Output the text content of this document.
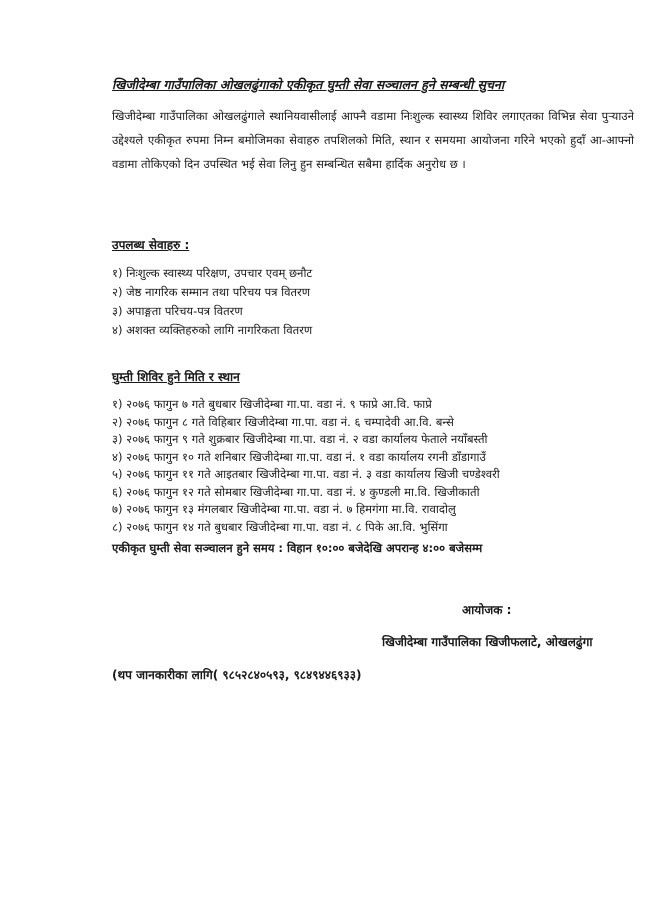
खिजीदेम्बा गाउँपालिका ओखलढुंगाको एकीकृत घुम्ती सेवा सञ्चालन हुने सम्बन्धी सुचना
खिजीदेम्बा गाउँपालिका ओखलढुंगाले स्थानियवासीलाई आफ्नै वडामा निःशुल्क स्वास्थ्य शिविर लगाएतका विभिन्न सेवा पुऱ्याउने उद्देश्यले एकीकृत रुपमा निम्न बमोजिमका सेवाहरु तपशिलको मिति, स्थान र समयमा आयोजना गरिने भएको हुदाँ आ-आफ्नो वडामा तोकिएको दिन उपस्थित भई सेवा लिनु हुन सम्बन्धित सबैमा हार्दिक अनुरोध छ ।
उपलब्ध सेवाहरु :
१) निःशुल्क स्वास्थ्य परिक्षण, उपचार एवम् छनौट
२) जेष्ठ नागरिक सम्मान तथा परिचय पत्र वितरण
३) अपाङ्गता परिचय-पत्र वितरण
४) अशक्त व्यक्तिहरुको लागि नागरिकता वितरण
घुम्ती शिविर हुने मिति र स्थान
१) २०७६ फागुन ७ गते बुधबार खिजीदेम्बा गा.पा. वडा नं. ९ फाप्रे आ.वि. फाप्रे
२) २०७६ फागुन ८ गते विहिबार खिजीदेम्बा गा.पा. वडा नं. ६ चम्पादेवी आ.वि. बन्से
३) २०७६ फागुन ९ गते शुक्रबार खिजीदेम्बा गा.पा. वडा नं. २ वडा कार्यालय फेताले नयाँबस्ती
४) २०७६ फागुन १० गते शनिबार खिजीदेम्बा गा.पा. वडा नं. १ वडा कार्यालय रगनी डाँडागाउँ
५) २०७६ फागुन ११ गते आइतबार खिजीदेम्बा गा.पा. वडा नं. ३ वडा कार्यालय खिजी चण्डेश्वरी
६) २०७६ फागुन १२ गते सोमबार खिजीदेम्बा गा.पा. वडा नं. ४ कुण्डली मा.वि. खिजीकाती
७) २०७६ फागुन १३ मंगलबार खिजीदेम्बा गा.पा. वडा नं. ७ हिमगंगा मा.वि. रावादोलु
८) २०७६ फागुन १४ गते बुधबार खिजीदेम्बा गा.पा. वडा नं. ८ पिके आ.वि. भुसिंगा
एकीकृत घुम्ती सेवा सञ्चालन हुने समय : विहान १०:०० बजेदेखि अपरान्ह ४:०० बजेसम्म
आयोजक :
खिजीदेम्बा गाउँपालिका खिजीफलाटे, ओखलढुंगा
(थप जानकारीका लागि( ९८५२८४०५९३, ९८४९४४६९३३)
